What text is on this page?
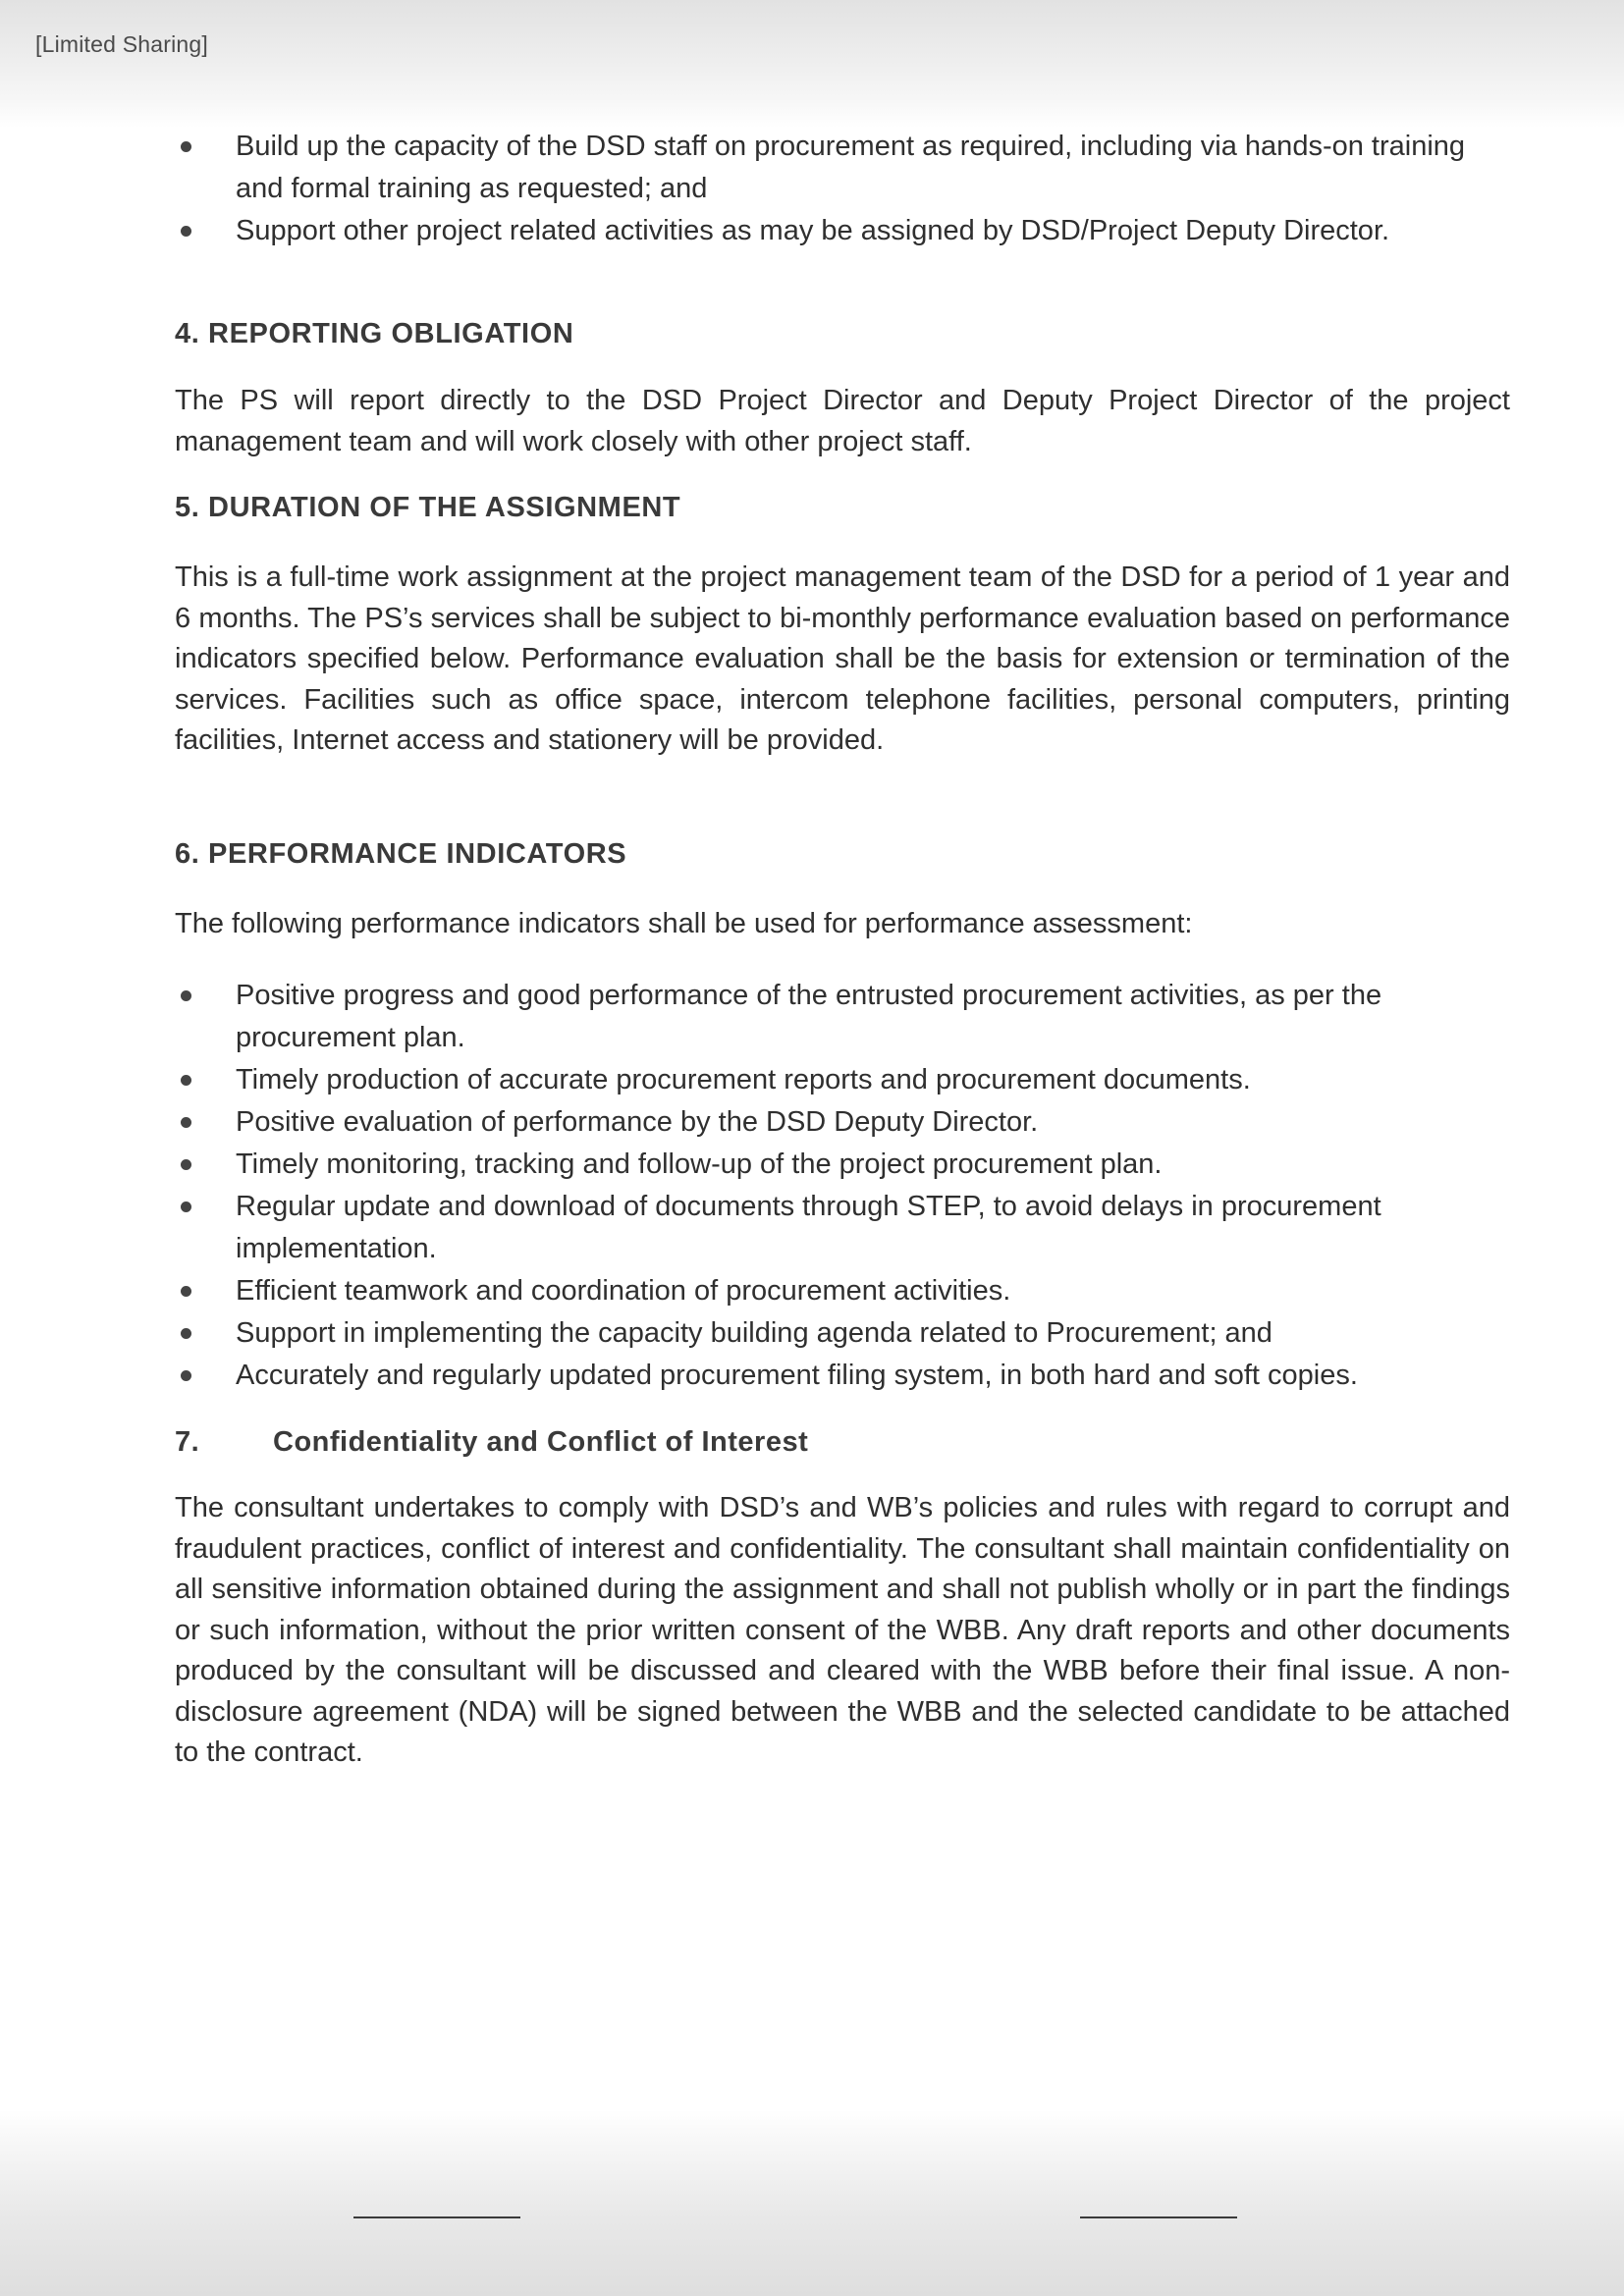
[Limited Sharing]
Build up the capacity of the DSD staff on procurement as required, including via hands-on training and formal training as requested; and
Support other project related activities as may be assigned by DSD/Project Deputy Director.
4. REPORTING OBLIGATION

The PS will report directly to the DSD Project Director and Deputy Project Director of the project management team and will work closely with other project staff.

5. DURATION OF THE ASSIGNMENT

This is a full-time work assignment at the project management team of the DSD for a period of 1 year and 6 months. The PS’s services shall be subject to bi-monthly performance evaluation based on performance indicators specified below. Performance evaluation shall be the basis for extension or termination of the services. Facilities such as office space, intercom telephone facilities, personal computers, printing facilities, Internet access and stationery will be provided.

6. PERFORMANCE INDICATORS

The following performance indicators shall be used for performance assessment:

Positive progress and good performance of the entrusted procurement activities, as per the procurement plan.
Timely production of accurate procurement reports and procurement documents.
Positive evaluation of performance by the DSD Deputy Director.
Timely monitoring, tracking and follow-up of the project procurement plan.
Regular update and download of documents through STEP, to avoid delays in procurement implementation.
Efficient teamwork and coordination of procurement activities.
Support in implementing the capacity building agenda related to Procurement; and
Accurately and regularly updated procurement filing system, in both hard and soft copies.
7.	Confidentiality and Conflict of Interest

The consultant undertakes to comply with DSD’s and WB’s policies and rules with regard to corrupt and fraudulent practices, conflict of interest and confidentiality. The consultant shall maintain confidentiality on all sensitive information obtained during the assignment and shall not publish wholly or in part the findings or such information, without the prior written consent of the WBB. Any draft reports and other documents produced by the consultant will be discussed and cleared with the WBB before their final issue. A non-disclosure agreement (NDA) will be signed between the WBB and the selected candidate to be attached to the contract.
